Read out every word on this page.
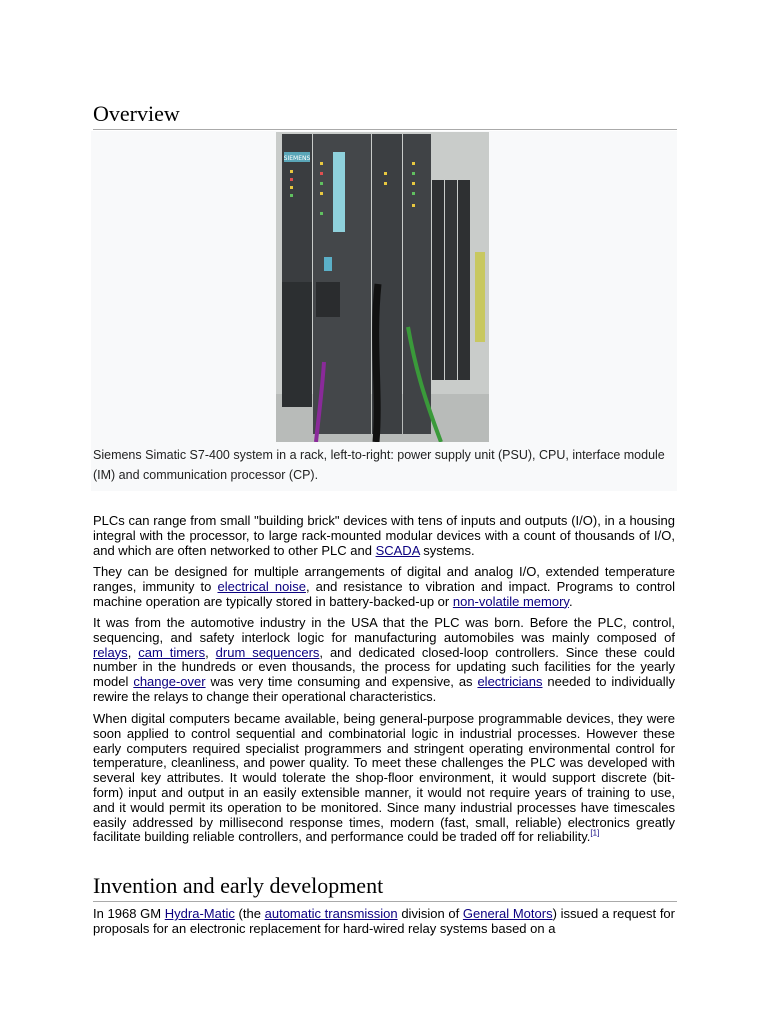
Overview
SIEMENS
Siemens Simatic S7-400 system in a rack, left-to-right: power supply unit (PSU), CPU, interface module (IM) and communication processor (CP).

PLCs can range from small "building brick" devices with tens of inputs and outputs (I/O), in a housing integral with the processor, to large rack-mounted modular devices with a count of thousands of I/O, and which are often networked to other PLC and SCADA systems.

They can be designed for multiple arrangements of digital and analog I/O, extended temperature ranges, immunity to electrical noise, and resistance to vibration and impact. Programs to control machine operation are typically stored in battery-backed-up or non-volatile memory.

It was from the automotive industry in the USA that the PLC was born. Before the PLC, control, sequencing, and safety interlock logic for manufacturing automobiles was mainly composed of relays, cam timers, drum sequencers, and dedicated closed-loop controllers. Since these could number in the hundreds or even thousands, the process for updating such facilities for the yearly model change-over was very time consuming and expensive, as electricians needed to individually rewire the relays to change their operational characteristics.

When digital computers became available, being general-purpose programmable devices, they were soon applied to control sequential and combinatorial logic in industrial processes. However these early computers required specialist programmers and stringent operating environmental control for temperature, cleanliness, and power quality. To meet these challenges the PLC was developed with several key attributes. It would tolerate the shop-floor environment, it would support discrete (bit-form) input and output in an easily extensible manner, it would not require years of training to use, and it would permit its operation to be monitored. Since many industrial processes have timescales easily addressed by millisecond response times, modern (fast, small, reliable) electronics greatly facilitate building reliable controllers, and performance could be traded off for reliability.[1]

Invention and early development

In 1968 GM Hydra-Matic (the automatic transmission division of General Motors) issued a request for proposals for an electronic replacement for hard-wired relay systems based on a
